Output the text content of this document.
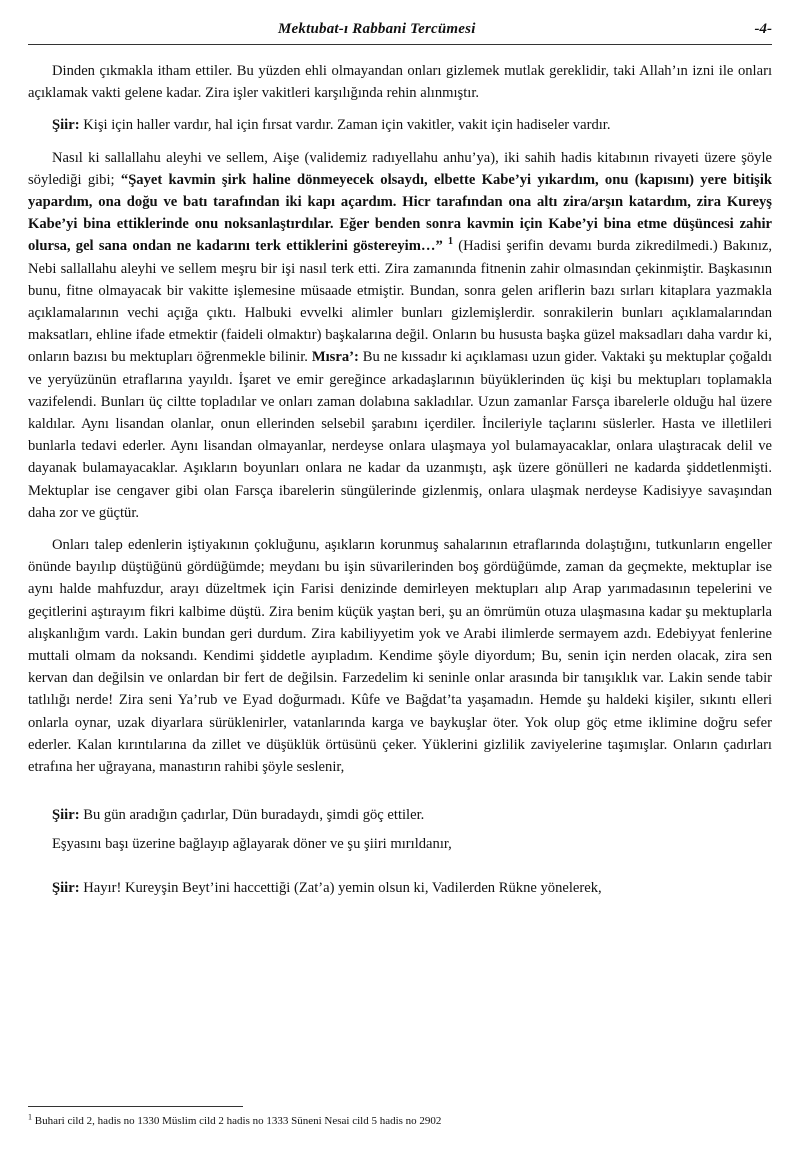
Mektubat-ı Rabbani Tercümesi	-4-

Dinden çıkmakla itham ettiler. Bu yüzden ehli olmayandan onları gizlemek mutlak gereklidir, taki Allah’ın izni ile onları açıklamak vakti gelene kadar. Zira işler vakitleri karşılığında rehin alınmıştır.

Şiir: Kişi için haller vardır, hal için fırsat vardır. Zaman için vakitler, vakit için hadiseler vardır.

Nasıl ki sallallahu aleyhi ve sellem, Aişe (validemiz radıyellahu anhu’ya), iki sahih hadis kitabının rivayeti üzere şöyle söylediği gibi; “Şayet kavmin şirk haline dönmeyecek olsaydı, elbette Kabe’yi yıkardım, onu (kapısını) yere bitişik yapardım, ona doğu ve batı tarafından iki kapı açardım. Hicr tarafından ona altı zira/arşın katardım, zira Kureyş Kabe’yi bina ettiklerinde onu noksanlaştırdılar. Eğer benden sonra kavmin için Kabe’yi bina etme düşüncesi zahir olursa, gel sana ondan ne kadarını terk ettiklerini göstereyim…” $^1$ (Hadisi şerifin devamı burda zikredilmedi.) Bakınız, Nebi sallallahu aleyhi ve sellem meşru bir işi nasıl terk etti. Zira zamanında fitnenin zahir olmasından çekinmiştir. Başkasının bunu, fitne olmayacak bir vakitte işlemesine müsaade etmiştir. Bundan, sonra gelen ariflerin bazı sırları kitaplara yazmakla açıklamalarının vechi açığa çıktı. Halbuki evvelki alimler bunları gizlemişlerdir. sonrakilerin bunları açıklamalarından maksatları, ehline ifade etmektir (faideli olmaktır) başkalarına değil. Onların bu hususta başka güzel maksadları daha vardır ki, onların bazısı bu mektupları öğrenmekle bilinir. Mısra’: Bu ne kıssadır ki açıklaması uzun gider. Vaktaki şu mektuplar çoğaldı ve yeryüzünün etraflarına yayıldı. İşaret ve emir gereğince arkadaşlarının büyüklerinden üç kişi bu mektupları toplamakla vazifelendi. Bunları üç ciltte topladılar ve onları zaman dolabına sakladılar. Uzun zamanlar Farsça ibarelerle olduğu hal üzere kaldılar. Aynı lisandan olanlar, onun ellerinden selsebil şarabını içerdiler. İncileriyle taçlarını süslerler. Hasta ve illetlileri bunlarla tedavi ederler. Aynı lisandan olmayanlar, nerdeyse onlara ulaşmaya yol bulamayacaklar, onlara ulaştıracak delil ve dayanak bulamayacaklar. Aşıkların boyunları onlara ne kadar da uzanmıştı, aşk üzere gönülleri ne kadarda şiddetlenmişti. Mektuplar ise cengaver gibi olan Farsça ibarelerin süngülerinde gizlenmiş, onlara ulaşmak nerdeyse Kadisiyye savaşından daha zor ve güçtür.

Onları talep edenlerin iştiyakının çokluğunu, aşıkların korunmuş sahalarının etraflarında dolaştığını, tutkunların engeller önünde bayılıp düştüğünü gördüğümde; meydanı bu işin süvarilerinden boş gördüğümde, zaman da geçmekte, mektuplar ise aynı halde mahfuzdur, arayı düzeltmek için Farisi denizinde demirleyen mektupları alıp Arap yarımadasının tepelerini ve geçitlerini aştırayım fikri kalbime düştü. Zira benim küçük yaştan beri, şu an ömrümün otuza ulaşmasına kadar şu mektuplarla alışkanlığım vardı. Lakin bundan geri durdum. Zira kabiliyyetim yok ve Arabi ilimlerde sermayem azdı. Edebiyyat fenlerine muttali olmam da noksandı. Kendimi şiddetle ayıpladım. Kendime şöyle diyordum; Bu, senin için nerden olacak, zira sen kervan dan değilsin ve onlardan bir fert de değilsin. Farzedelim ki seninle onlar arasında bir tanışıklık var. Lakin sende tabir tatlılığı nerde! Zira seni Ya’rub ve Eyad doğurmadı. Kûfe ve Bağdat’ta yaşamadın. Hemde şu haldeki kişiler, sıkıntı elleri onlarla oynar, uzak diyarlara sürüklenirler, vatanlarında karga ve baykuşlar öter. Yok olup göç etme iklimine doğru sefer ederler. Kalan kırıntılarına da zillet ve düşüklük örtüsünü çeker. Yüklerini gizlilik zaviyelerine taşımışlar. Onların çadırları etrafına her uğrayana, manastırın rahibi şöyle seslenir,

Şiir: Bu gün aradığın çadırlar, Dün buradaydı, şimdi göç ettiler.

Eşyasını başı üzerine bağlayıp ağlayarak döner ve şu şiiri mırıldanır,

Şiir: Hayır! Kureyşin Beyt’ini haccettiği (Zat’a) yemin olsun ki, Vadilerden Rükne yönelerek,

$^1$ Buhari cild 2, hadis no 1330 Müslim cild 2 hadis no 1333 Süneni Nesai cild 5 hadis no 2902
